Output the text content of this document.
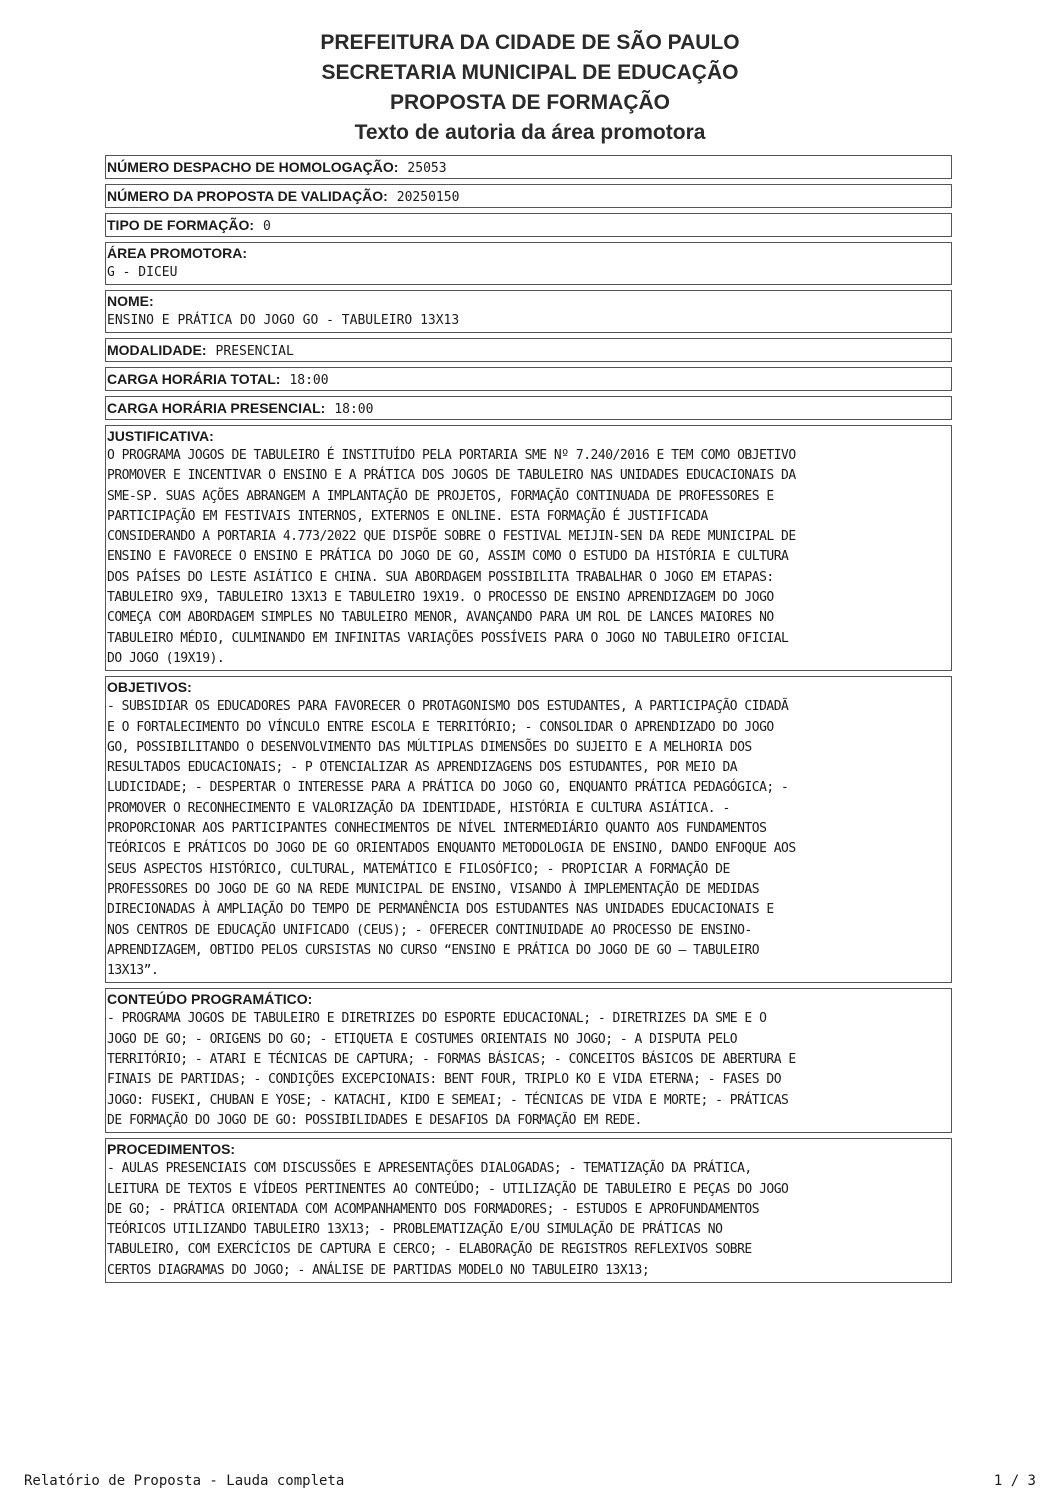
PREFEITURA DA CIDADE DE SÃO PAULO
SECRETARIA MUNICIPAL DE EDUCAÇÃO
PROPOSTA DE FORMAÇÃO
Texto de autoria da área promotora
NÚMERO DESPACHO DE HOMOLOGAÇÃO: 25053
NÚMERO DA PROPOSTA DE VALIDAÇÃO: 20250150
TIPO DE FORMAÇÃO: 0
ÁREA PROMOTORA:
G - DICEU
NOME:
ENSINO E PRÁTICA DO JOGO GO - TABULEIRO 13X13
MODALIDADE: PRESENCIAL
CARGA HORÁRIA TOTAL: 18:00
CARGA HORÁRIA PRESENCIAL: 18:00
JUSTIFICATIVA:
O PROGRAMA JOGOS DE TABULEIRO É INSTITUÍDO PELA PORTARIA SME Nº 7.240/2016 E TEM COMO OBJETIVO
PROMOVER E INCENTIVAR O ENSINO E A PRÁTICA DOS JOGOS DE TABULEIRO NAS UNIDADES EDUCACIONAIS DA
SME-SP. SUAS AÇÕES ABRANGEM A IMPLANTAÇÃO DE PROJETOS, FORMAÇÃO CONTINUADA DE PROFESSORES E
PARTICIPAÇÃO EM FESTIVAIS INTERNOS, EXTERNOS E ONLINE. ESTA FORMAÇÃO É JUSTIFICADA
CONSIDERANDO A PORTARIA 4.773/2022 QUE DISPÕE SOBRE O FESTIVAL MEIJIN-SEN DA REDE MUNICIPAL DE
ENSINO E FAVORECE O ENSINO E PRÁTICA DO JOGO DE GO, ASSIM COMO O ESTUDO DA HISTÓRIA E CULTURA
DOS PAÍSES DO LESTE ASIÁTICO E CHINA. SUA ABORDAGEM POSSIBILITA TRABALHAR O JOGO EM ETAPAS:
TABULEIRO 9X9, TABULEIRO 13X13 E TABULEIRO 19X19. O PROCESSO DE ENSINO APRENDIZAGEM DO JOGO
COMEÇA COM ABORDAGEM SIMPLES NO TABULEIRO MENOR, AVANÇANDO PARA UM ROL DE LANCES MAIORES NO
TABULEIRO MÉDIO, CULMINANDO EM INFINITAS VARIAÇÕES POSSÍVEIS PARA O JOGO NO TABULEIRO OFICIAL
DO JOGO (19X19).
OBJETIVOS:
- SUBSIDIAR OS EDUCADORES PARA FAVORECER O PROTAGONISMO DOS ESTUDANTES, A PARTICIPAÇÃO CIDADÃ
E O FORTALECIMENTO DO VÍNCULO ENTRE ESCOLA E TERRITÓRIO; - CONSOLIDAR O APRENDIZADO DO JOGO
GO, POSSIBILITANDO O DESENVOLVIMENTO DAS MÚLTIPLAS DIMENSÕES DO SUJEITO E A MELHORIA DOS
RESULTADOS EDUCACIONAIS; - P OTENCIALIZAR AS APRENDIZAGENS DOS ESTUDANTES, POR MEIO DA
LUDICIDADE; - DESPERTAR O INTERESSE PARA A PRÁTICA DO JOGO GO, ENQUANTO PRÁTICA PEDAGÓGICA; -
PROMOVER O RECONHECIMENTO E VALORIZAÇÃO DA IDENTIDADE, HISTÓRIA E CULTURA ASIÁTICA. -
PROPORCIONAR AOS PARTICIPANTES CONHECIMENTOS DE NÍVEL INTERMEDIÁRIO QUANTO AOS FUNDAMENTOS
TEÓRICOS E PRÁTICOS DO JOGO DE GO ORIENTADOS ENQUANTO METODOLOGIA DE ENSINO, DANDO ENFOQUE AOS
SEUS ASPECTOS HISTÓRICO, CULTURAL, MATEMÁTICO E FILOSÓFICO; - PROPICIAR A FORMAÇÃO DE
PROFESSORES DO JOGO DE GO NA REDE MUNICIPAL DE ENSINO, VISANDO À IMPLEMENTAÇÃO DE MEDIDAS
DIRECIONADAS À AMPLIAÇÃO DO TEMPO DE PERMANÊNCIA DOS ESTUDANTES NAS UNIDADES EDUCACIONAIS E
NOS CENTROS DE EDUCAÇÃO UNIFICADO (CEUS); - OFERECER CONTINUIDADE AO PROCESSO DE ENSINO-
APRENDIZAGEM, OBTIDO PELOS CURSISTAS NO CURSO “ENSINO E PRÁTICA DO JOGO DE GO — TABULEIRO
13X13”.
CONTEÚDO PROGRAMÁTICO:
- PROGRAMA JOGOS DE TABULEIRO E DIRETRIZES DO ESPORTE EDUCACIONAL; - DIRETRIZES DA SME E O
JOGO DE GO; - ORIGENS DO GO; - ETIQUETA E COSTUMES ORIENTAIS NO JOGO; - A DISPUTA PELO
TERRITÓRIO; - ATARI E TÉCNICAS DE CAPTURA; - FORMAS BÁSICAS; - CONCEITOS BÁSICOS DE ABERTURA E
FINAIS DE PARTIDAS; - CONDIÇÕES EXCEPCIONAIS: BENT FOUR, TRIPLO KO E VIDA ETERNA; - FASES DO
JOGO: FUSEKI, CHUBAN E YOSE; - KATACHI, KIDO E SEMEAI; - TÉCNICAS DE VIDA E MORTE; - PRÁTICAS
DE FORMAÇÃO DO JOGO DE GO: POSSIBILIDADES E DESAFIOS DA FORMAÇÃO EM REDE.
PROCEDIMENTOS:
- AULAS PRESENCIAIS COM DISCUSSÕES E APRESENTAÇÕES DIALOGADAS; - TEMATIZAÇÃO DA PRÁTICA,
LEITURA DE TEXTOS E VÍDEOS PERTINENTES AO CONTEÚDO; - UTILIZAÇÃO DE TABULEIRO E PEÇAS DO JOGO
DE GO; - PRÁTICA ORIENTADA COM ACOMPANHAMENTO DOS FORMADORES; - ESTUDOS E APROFUNDAMENTOS
TEÓRICOS UTILIZANDO TABULEIRO 13X13; - PROBLEMATIZAÇÃO E/OU SIMULAÇÃO DE PRÁTICAS NO
TABULEIRO, COM EXERCÍCIOS DE CAPTURA E CERCO; - ELABORAÇÃO DE REGISTROS REFLEXIVOS SOBRE
CERTOS DIAGRAMAS DO JOGO; - ANÁLISE DE PARTIDAS MODELO NO TABULEIRO 13X13;
Relatório de Proposta - Lauda completa	1 / 3
